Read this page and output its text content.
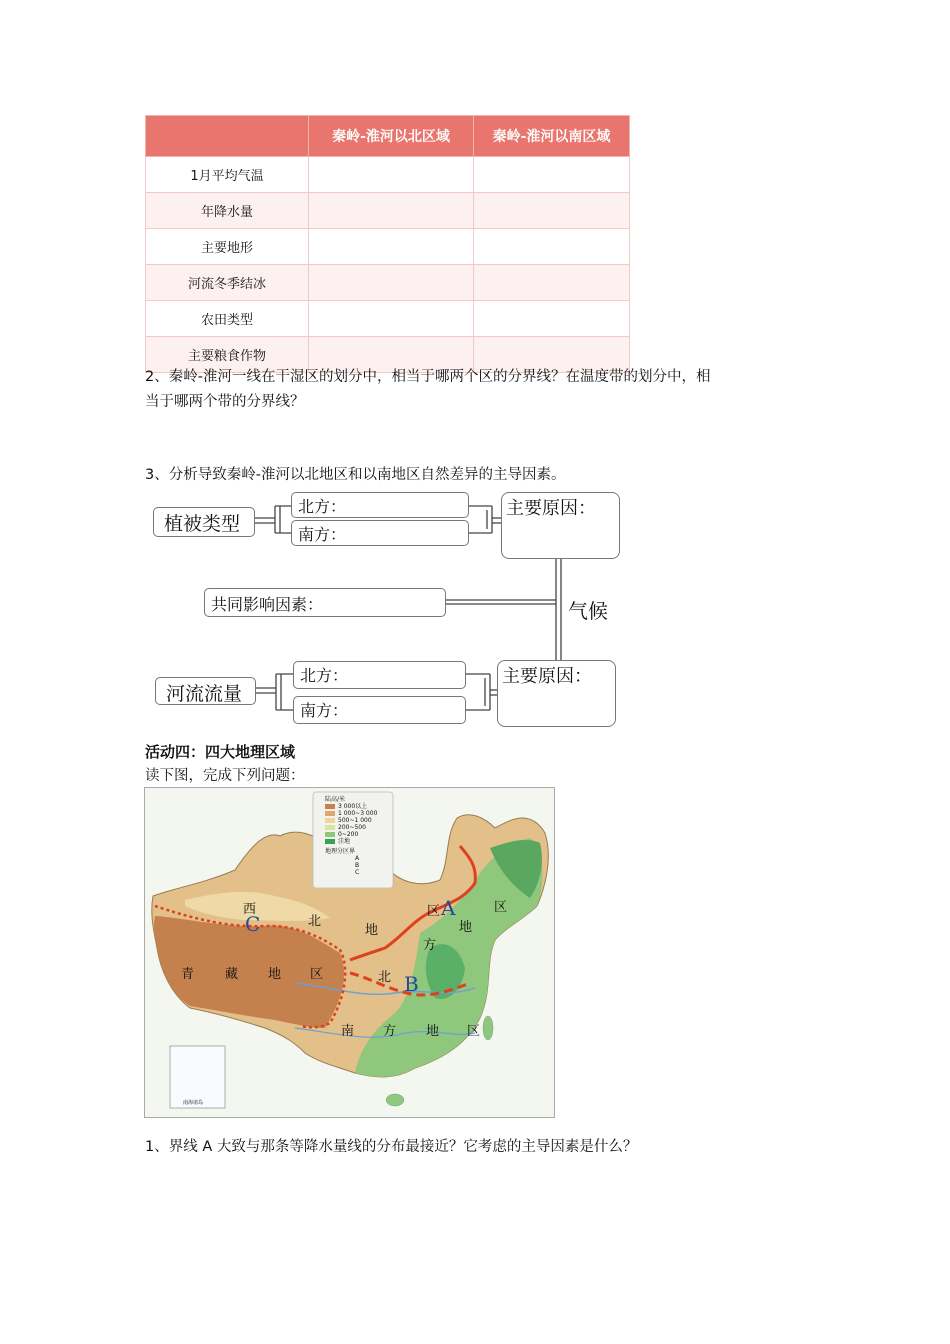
	秦岭-淮河以北区域	秦岭-淮河以南区域
1月平均气温		
年降水量		
主要地形		
河流冬季结冰		
农田类型		
主要粮食作物		
2、秦岭-淮河一线在干湿区的划分中，相当于哪两个区的分界线？在温度带的划分中，相
当于哪两个带的分界线？
3、分析导致秦岭-淮河以北地区和以南地区自然差异的主导因素。
植被类型
北方：
南方：
主要原因：
共同影响因素：	气候
河流流量
北方：
南方：
主要原因：
活动四：四大地理区域
读下图，完成下列问题：
陆高/米
3 000以上
1 000~3 000
500~1 000
200~500
0~200
洼地
地理分区界
A
B
C
西
北
地
区
北
方
地
区
青 藏 地 区
南 方 地 区
A
B
C
南海诸岛
1、界线 A 大致与那条等降水量线的分布最接近？它考虑的主导因素是什么？
